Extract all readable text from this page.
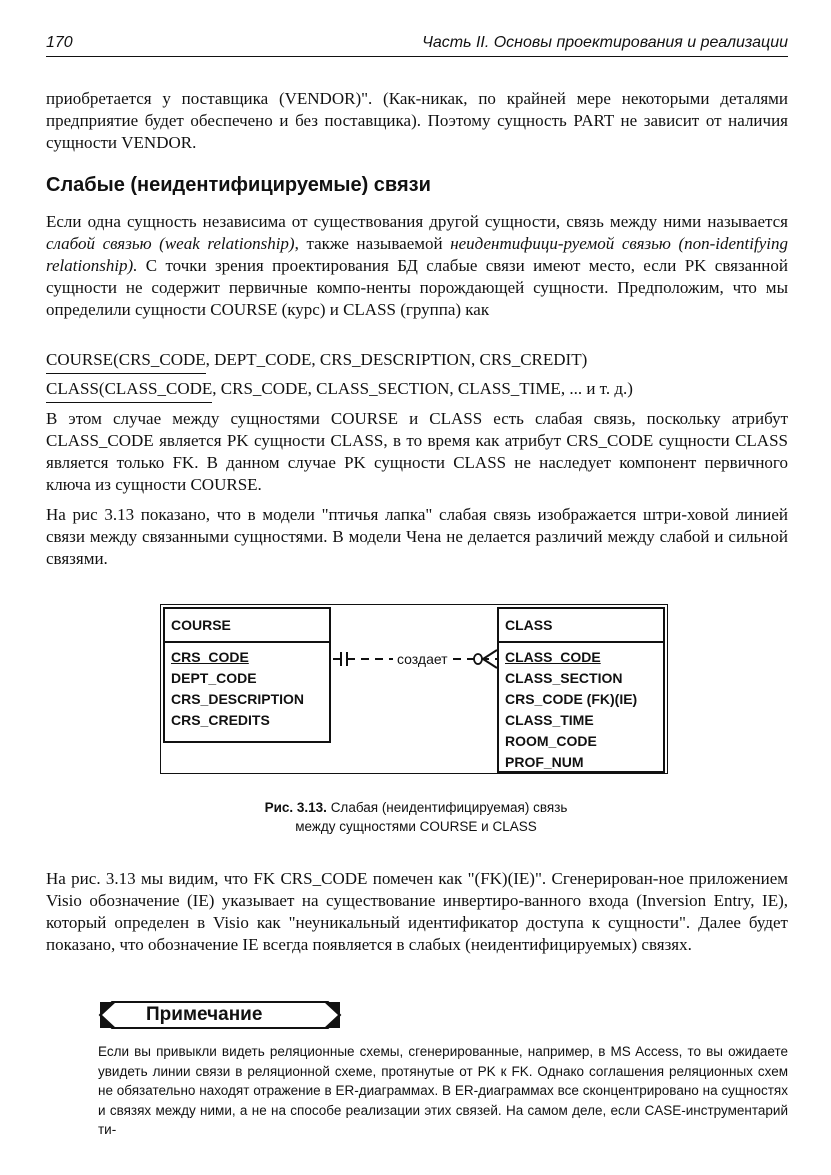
170	Часть II. Основы проектирования и реализации
приобретается у поставщика (VENDOR)". (Как-никак, по крайней мере некоторыми деталями предприятие будет обеспечено и без поставщика). Поэтому сущность PART не зависит от наличия сущности VENDOR.
Слабые (неидентифицируемые) связи
Если одна сущность независима от существования другой сущности, связь между ними называется слабой связью (weak relationship), также называемой неидентифици-руемой связью (non-identifying relationship). С точки зрения проектирования БД слабые связи имеют место, если PK связанной сущности не содержит первичные компо-ненты порождающей сущности. Предположим, что мы определили сущности COURSE (курс) и CLASS (группа) как
COURSE(CRS_CODE
, DEPT_CODE, CRS_DESCRIPTION, CRS_CREDIT)
CLASS(CLASS_CODE
, CRS_CODE, CLASS_SECTION, CLASS_TIME, ... и т. д.)
В этом случае между сущностями COURSE и CLASS есть слабая связь, поскольку атрибут CLASS_CODE является PK сущности CLASS, в то время как атрибут CRS_CODE сущности CLASS является только FK. В данном случае PK сущности CLASS не наследует компонент первичного ключа из сущности COURSE.
На рис 3.13 показано, что в модели "птичья лапка" слабая связь изображается штри-ховой линией связи между связанными сущностями. В модели Чена не делается различий между слабой и сильной связями.
COURSE
CRS_CODE
DEPT_CODE
CRS_DESCRIPTION
CRS_CREDITS
CLASS
CLASS_CODE
CLASS_SECTION
CRS_CODE (FK)(IE)
CLASS_TIME
ROOM_CODE
PROF_NUM
создает
Рис. 3.13. Слабая (неидентифицируемая) связь
между сущностями COURSE и CLASS
На рис. 3.13 мы видим, что FK CRS_CODE помечен как "(FK)(IE)". Сгенерирован-ное приложением Visio обозначение (IE) указывает на существование инвертиро-ванного входа (Inversion Entry, IE), который определен в Visio как "неуникальный идентификатор доступа к сущности". Далее будет показано, что обозначение IE всегда появляется в слабых (неидентифицируемых) связях.
Примечание
Если вы привыкли видеть реляционные схемы, сгенерированные, например, в MS Access, то вы ожидаете увидеть линии связи в реляционной схеме, протянутые от PK к FK. Однако соглашения реляционных схем не обязательно находят отражение в ER-диаграммах. В ER-диаграммах все сконцентрировано на сущностях и связях между ними, а не на способе реализации этих связей. На самом деле, если CASE-инструментарий ти-
